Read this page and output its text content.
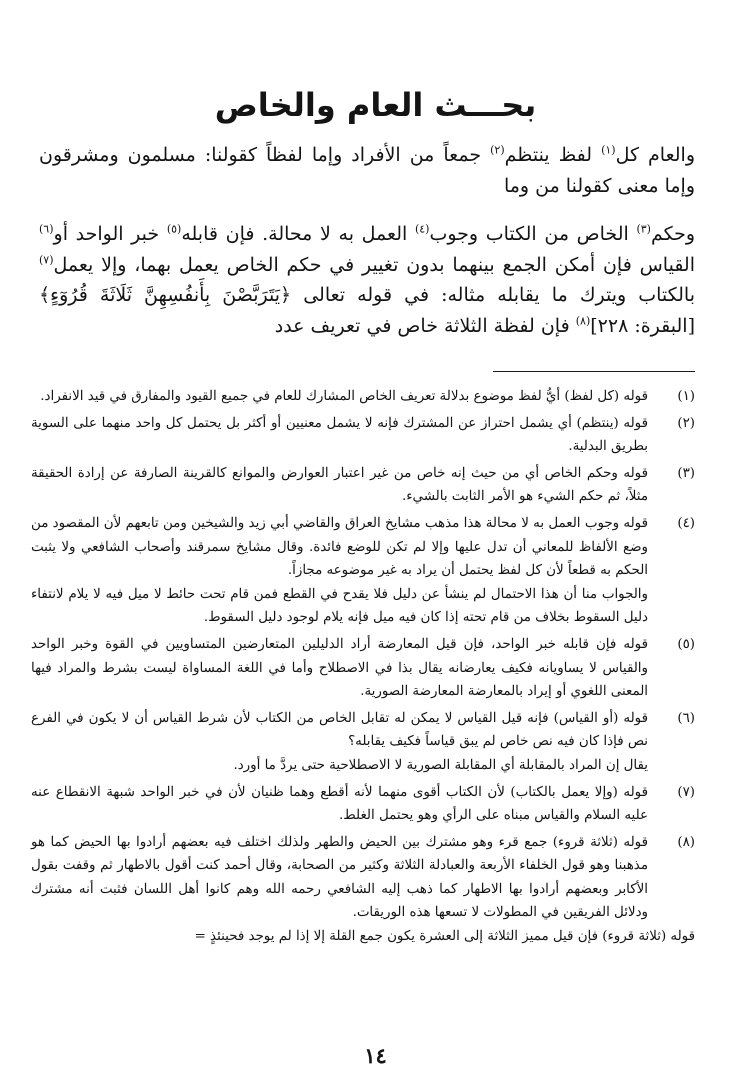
بحـــث العام والخاص

والعام كل$^{(١)}$ لفظ ينتظم$^{(٢)}$ جمعاً من الأفراد وإما لفظاً كقولنا: مسلمون ومشرقون وإما معنى كقولنا من وما

وحكم$^{(٣)}$ الخاص من الكتاب وجوب$^{(٤)}$ العمل به لا محالة. فإن قابله$^{(٥)}$ خبر الواحد أو$^{(٦)}$ القياس فإن أمكن الجمع بينهما بدون تغيير في حكم الخاص يعمل بهما، وإلا يعمل$^{(٧)}$ بالكتاب ويترك ما يقابله مثاله: في قوله تعالى ﴿يَتَرَبَّصْنَ بِأَنفُسِهِنَّ ثَلَاثَةَ قُرُوٓءٍ﴾ [البقرة: ٢٢٨]$^{(٨)}$ فإن لفظة الثلاثة خاص في تعريف عدد

(١)
قوله (كل لفظ) أيُّ لفظ موضوع بدلالة تعريف الخاص المشارك للعام في جميع القيود والمفارق في قيد الانفراد.
(٢)
قوله (ينتظم) أي يشمل احتراز عن المشترك فإنه لا يشمل معنيين أو أكثر بل يحتمل كل واحد منهما على السوية بطريق البدلية.
(٣)
قوله وحكم الخاص أي من حيث إنه خاص من غير اعتبار العوارض والموانع كالقرينة الصارفة عن إرادة الحقيقة مثلاً، ثم حكم الشيء هو الأمر الثابت بالشيء.
(٤)
قوله وجوب العمل به لا محالة هذا مذهب مشايخ العراق والقاضي أبي زيد والشيخين ومن تابعهم لأن المقصود من وضع الألفاظ للمعاني أن تدل عليها وإلا لم تكن للوضع فائدة. وقال مشايخ سمرقند وأصحاب الشافعي ولا يثبت الحكم به قطعاً لأن كل لفظ يحتمل أن يراد به غير موضوعه مجازاً.
والجواب منا أن هذا الاحتمال لم ينشأ عن دليل فلا يقدح في القطع فمن قام تحت حائط لا ميل فيه لا يلام لانتفاء دليل السقوط بخلاف من قام تحته إذا كان فيه ميل فإنه يلام لوجود دليل السقوط.
(٥)
قوله فإن قابله خبر الواحد، فإن قيل المعارضة أراد الدليلين المتعارضين المتساويين في القوة وخبر الواحد والقياس لا يساويانه فكيف يعارضانه يقال بذا في الاصطلاح وأما في اللغة المساواة ليست بشرط والمراد فيها المعنى اللغوي أو إيراد بالمعارضة المعارضة الصورية.
(٦)
قوله (أو القياس) فإنه قيل القياس لا يمكن له تقابل الخاص من الكتاب لأن شرط القياس أن لا يكون في الفرع نص فإذا كان فيه نص خاص لم يبق قياساً فكيف يقابله؟
يقال إن المراد بالمقابلة أي المقابلة الصورية لا الاصطلاحية حتى يردَّ ما أورد.
(٧)
قوله (وإلا يعمل بالكتاب) لأن الكتاب أقوى منهما لأنه أقطع وهما ظنيان لأن في خبر الواحد شبهة الانقطاع عنه عليه السلام والقياس مبناه على الرأي وهو يحتمل الغلط.
(٨)
قوله (ثلاثة قروء) جمع قرء وهو مشترك بين الحيض والطهر ولذلك اختلف فيه بعضهم أرادوا بها الحيض كما هو مذهبنا وهو قول الخلفاء الأربعة والعبادلة الثلاثة وكثير من الصحابة، وقال أحمد كنت أقول بالاطهار ثم وقفت بقول الأكابر وبعضهم أرادوا بها الاطهار كما ذهب إليه الشافعي رحمه الله وهم كانوا أهل اللسان فثبت أنه مشترك ودلائل الفريقين في المطولات لا تسعها هذه الوريقات.
قوله (ثلاثة قروء) فإن قيل مميز الثلاثة إلى العشرة يكون جمع القلة إلا إذا لم يوجد فحينئذٍ =
١٤
